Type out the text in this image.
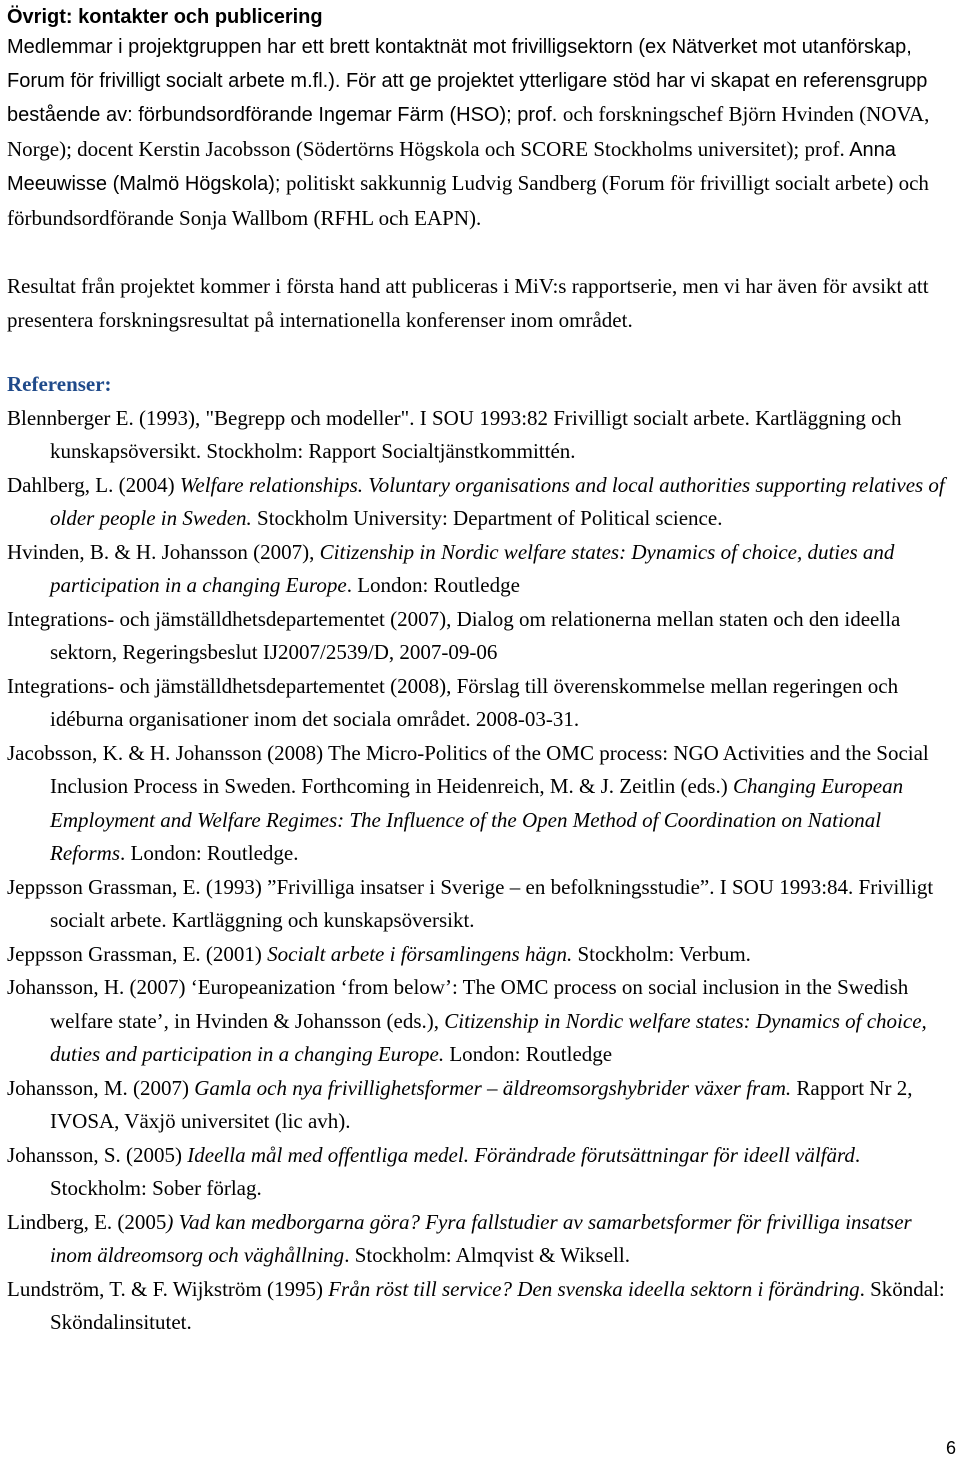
Övrigt: kontakter och publicering

Medlemmar i projektgruppen har ett brett kontaktnät mot frivilligsektorn (ex Nätverket mot utanförskap, Forum för frivilligt socialt arbete m.fl.). För att ge projektet ytterligare stöd har vi skapat en referensgrupp bestående av: förbundsordförande Ingemar Färm (HSO); prof. och forskningschef Björn Hvinden (NOVA, Norge); docent Kerstin Jacobsson (Södertörns Högskola och SCORE Stockholms universitet); prof. Anna Meeuwisse (Malmö Högskola); politiskt sakkunnig Ludvig Sandberg (Forum för frivilligt socialt arbete) och förbundsordförande Sonja Wallbom (RFHL och EAPN).

Resultat från projektet kommer i första hand att publiceras i MiV:s rapportserie, men vi har även för avsikt att presentera forskningsresultat på internationella konferenser inom området.

Referenser:
Blennberger E. (1993), "Begrepp och modeller". I SOU 1993:82 Frivilligt socialt arbete. Kartläggning och kunskapsöversikt. Stockholm: Rapport Socialtjänstkommittén.
Dahlberg, L. (2004) Welfare relationships. Voluntary organisations and local authorities supporting relatives of older people in Sweden. Stockholm University: Department of Political science.
Hvinden, B. & H. Johansson (2007), Citizenship in Nordic welfare states: Dynamics of choice, duties and participation in a changing Europe. London: Routledge
Integrations- och jämställdhetsdepartementet (2007), Dialog om relationerna mellan staten och den ideella sektorn, Regeringsbeslut IJ2007/2539/D, 2007-09-06
Integrations- och jämställdhetsdepartementet (2008), Förslag till överenskommelse mellan regeringen och idéburna organisationer inom det sociala området. 2008-03-31.
Jacobsson, K. & H. Johansson (2008) The Micro-Politics of the OMC process: NGO Activities and the Social Inclusion Process in Sweden. Forthcoming in Heidenreich, M. & J. Zeitlin (eds.) Changing European Employment and Welfare Regimes: The Influence of the Open Method of Coordination on National Reforms. London: Routledge.
Jeppsson Grassman, E. (1993) ”Frivilliga insatser i Sverige – en befolkningsstudie”. I SOU 1993:84. Frivilligt socialt arbete. Kartläggning och kunskapsöversikt.
Jeppsson Grassman, E. (2001) Socialt arbete i församlingens hägn. Stockholm: Verbum.
Johansson, H. (2007) ‘Europeanization ‘from below’: The OMC process on social inclusion in the Swedish welfare state’, in Hvinden & Johansson (eds.), Citizenship in Nordic welfare states: Dynamics of choice, duties and participation in a changing Europe. London: Routledge
Johansson, M. (2007) Gamla och nya frivillighetsformer – äldreomsorgshybrider växer fram. Rapport Nr 2, IVOSA, Växjö universitet (lic avh).
Johansson, S. (2005) Ideella mål med offentliga medel. Förändrade förutsättningar för ideell välfärd. Stockholm: Sober förlag.
Lindberg, E. (2005) Vad kan medborgarna göra? Fyra fallstudier av samarbetsformer för frivilliga insatser inom äldreomsorg och väghållning. Stockholm: Almqvist & Wiksell.
Lundström, T. & F. Wijkström (1995) Från röst till service? Den svenska ideella sektorn i förändring. Sköndal: Sköndalinsitutet.
6
